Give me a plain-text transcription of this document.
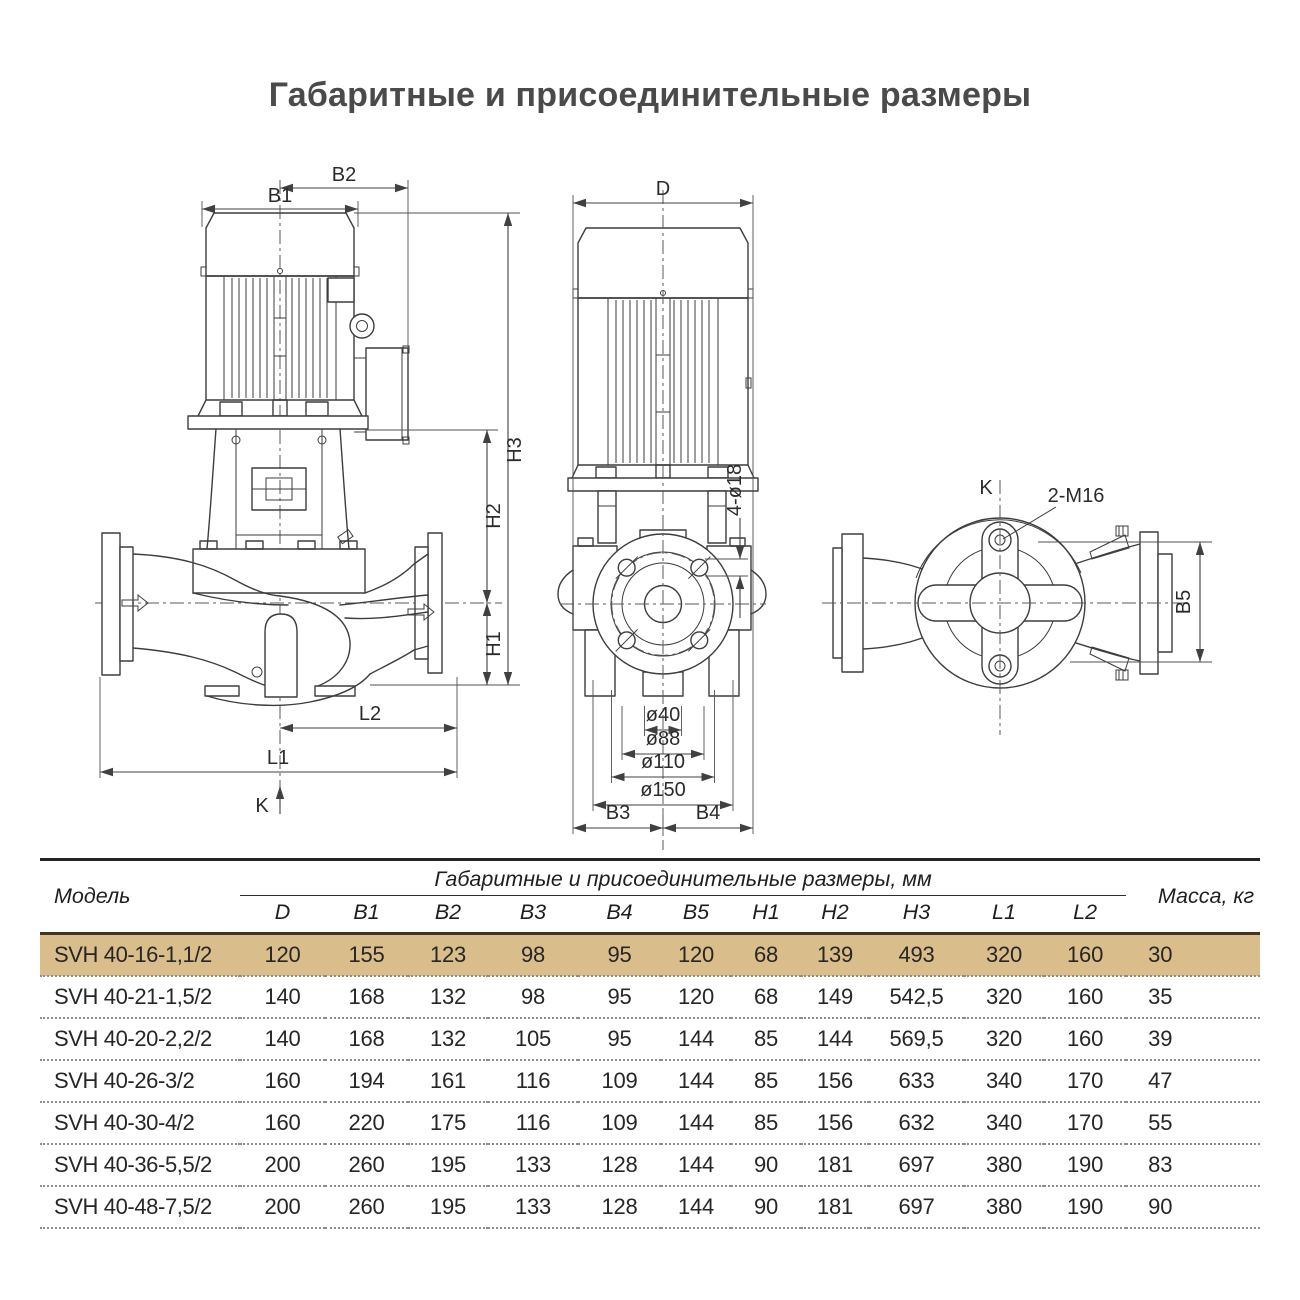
Габаритные и присоединительные размеры
B2
B1
H3
H2
H1
L2
L1
K
D
4-ø18
ø40
ø88
ø110
ø150
B3	B4
K	2-M16
B5
Модель	Габаритные и присоединительные размеры, мм											Масса, кг
	D	B1	B2	B3	B4	B5	H1	H2	H3	L1	L2	
SVH 40-16-1,1/2	120	155	123	98	95	120	68	139	493	320	160	30
SVH 40-21-1,5/2	140	168	132	98	95	120	68	149	542,5	320	160	35
SVH 40-20-2,2/2	140	168	132	105	95	144	85	144	569,5	320	160	39
SVH 40-26-3/2	160	194	161	116	109	144	85	156	633	340	170	47
SVH 40-30-4/2	160	220	175	116	109	144	85	156	632	340	170	55
SVH 40-36-5,5/2	200	260	195	133	128	144	90	181	697	380	190	83
SVH 40-48-7,5/2	200	260	195	133	128	144	90	181	697	380	190	90
